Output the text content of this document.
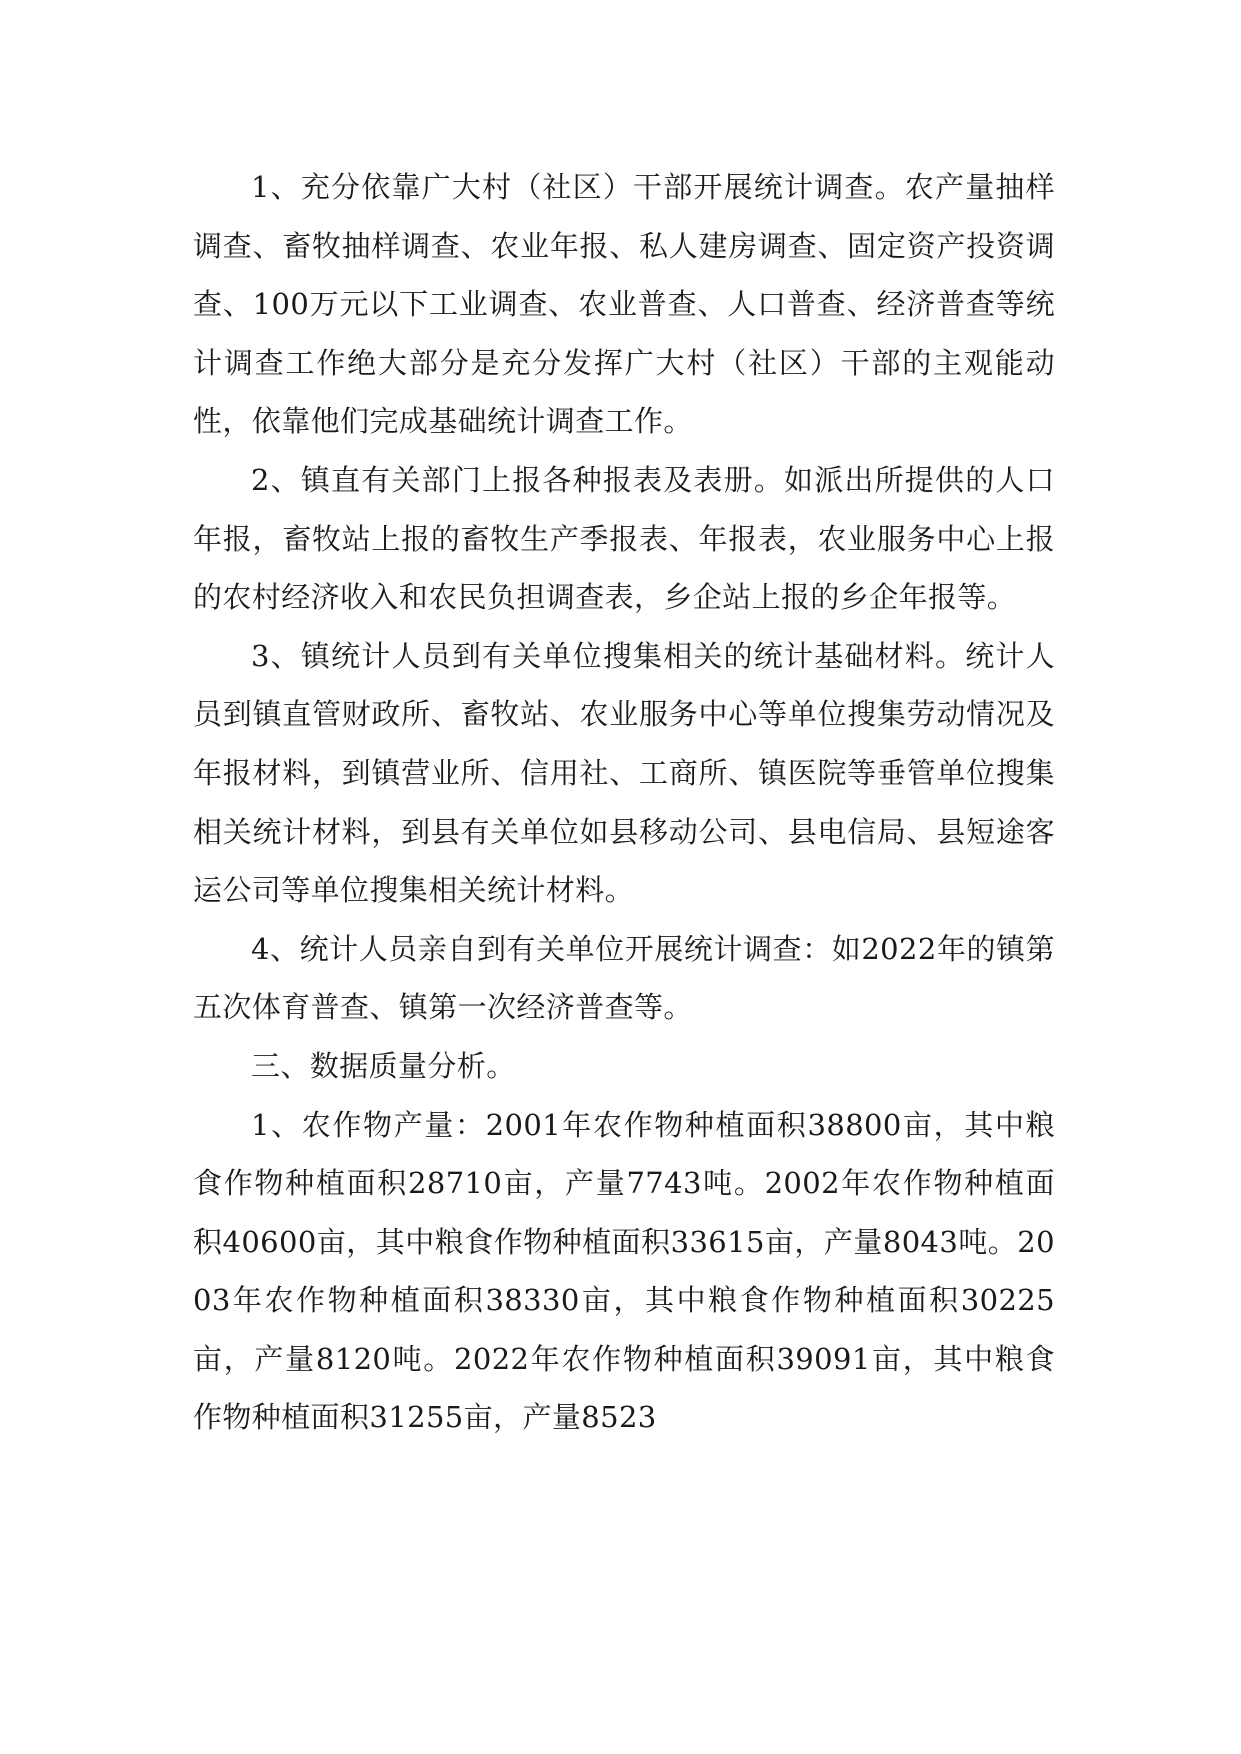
1、充分依靠广大村（社区）干部开展统计调查。农产量抽样调查、畜牧抽样调查、农业年报、私人建房调查、固定资产投资调查、100万元以下工业调查、农业普查、人口普查、经济普查等统计调查工作绝大部分是充分发挥广大村（社区）干部的主观能动性，依靠他们完成基础统计调查工作。

2、镇直有关部门上报各种报表及表册。如派出所提供的人口年报，畜牧站上报的畜牧生产季报表、年报表，农业服务中心上报的农村经济收入和农民负担调查表，乡企站上报的乡企年报等。

3、镇统计人员到有关单位搜集相关的统计基础材料。统计人员到镇直管财政所、畜牧站、农业服务中心等单位搜集劳动情况及年报材料，到镇营业所、信用社、工商所、镇医院等垂管单位搜集相关统计材料，到县有关单位如县移动公司、县电信局、县短途客运公司等单位搜集相关统计材料。

4、统计人员亲自到有关单位开展统计调查：如2022年的镇第五次体育普查、镇第一次经济普查等。

三、数据质量分析。

1、农作物产量：2001年农作物种植面积38800亩，其中粮食作物种植面积28710亩，产量7743吨。2002年农作物种植面积40600亩，其中粮食作物种植面积33615亩，产量8043吨。2003年农作物种植面积38330亩，其中粮食作物种植面积30225亩，产量8120吨。2022年农作物种植面积39091亩，其中粮食作物种植面积31255亩，产量8523
